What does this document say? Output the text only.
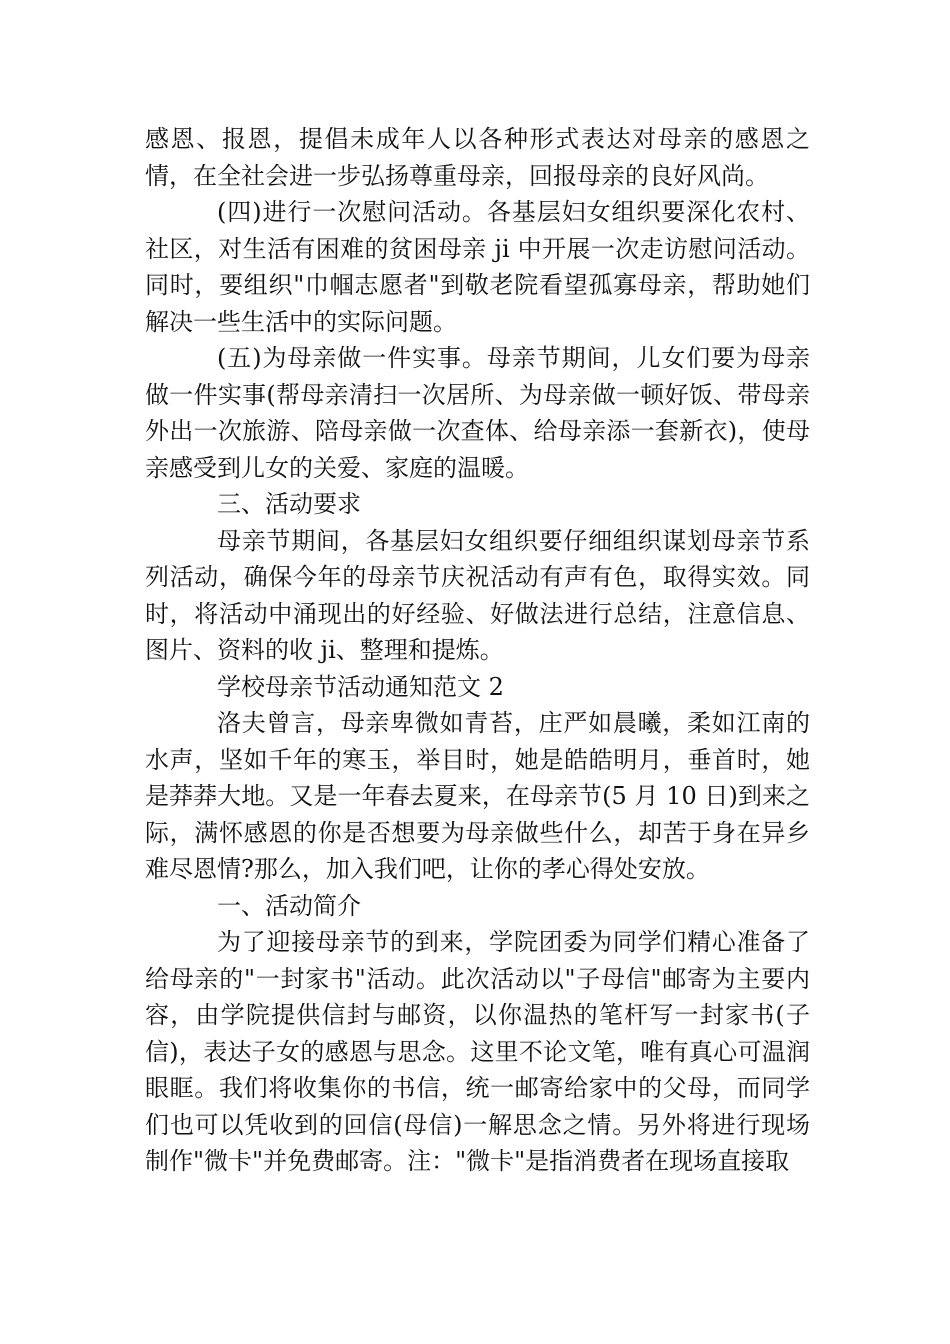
感恩、报恩，提倡未成年人以各种形式表达对母亲的感恩之情，在全社会进一步弘扬尊重母亲，回报母亲的良好风尚。

(四)进行一次慰问活动。各基层妇女组织要深化农村、社区，对生活有困难的贫困母亲 ji 中开展一次走访慰问活动。同时，要组织"巾帼志愿者"到敬老院看望孤寡母亲，帮助她们解决一些生活中的实际问题。

(五)为母亲做一件实事。母亲节期间，儿女们要为母亲做一件实事(帮母亲清扫一次居所、为母亲做一顿好饭、带母亲外出一次旅游、陪母亲做一次查体、给母亲添一套新衣)，使母亲感受到儿女的关爱、家庭的温暖。

三、活动要求

母亲节期间，各基层妇女组织要仔细组织谋划母亲节系列活动，确保今年的母亲节庆祝活动有声有色，取得实效。同时，将活动中涌现出的好经验、好做法进行总结，注意信息、图片、资料的收 ji、整理和提炼。

学校母亲节活动通知范文 2

洛夫曾言，母亲卑微如青苔，庄严如晨曦，柔如江南的水声，坚如千年的寒玉，举目时，她是皓皓明月，垂首时，她是莽莽大地。又是一年春去夏来，在母亲节(5 月 10 日)到来之际，满怀感恩的你是否想要为母亲做些什么，却苦于身在异乡难尽恩情?那么，加入我们吧，让你的孝心得处安放。

一、活动简介

为了迎接母亲节的到来，学院团委为同学们精心准备了给母亲的"一封家书"活动。此次活动以"子母信"邮寄为主要内容，由学院提供信封与邮资，以你温热的笔杆写一封家书(子信)，表达子女的感恩与思念。这里不论文笔，唯有真心可温润眼眶。我们将收集你的书信，统一邮寄给家中的父母，而同学们也可以凭收到的回信(母信)一解思念之情。另外将进行现场制作"微卡"并免费邮寄。注："微卡"是指消费者在现场直接取
